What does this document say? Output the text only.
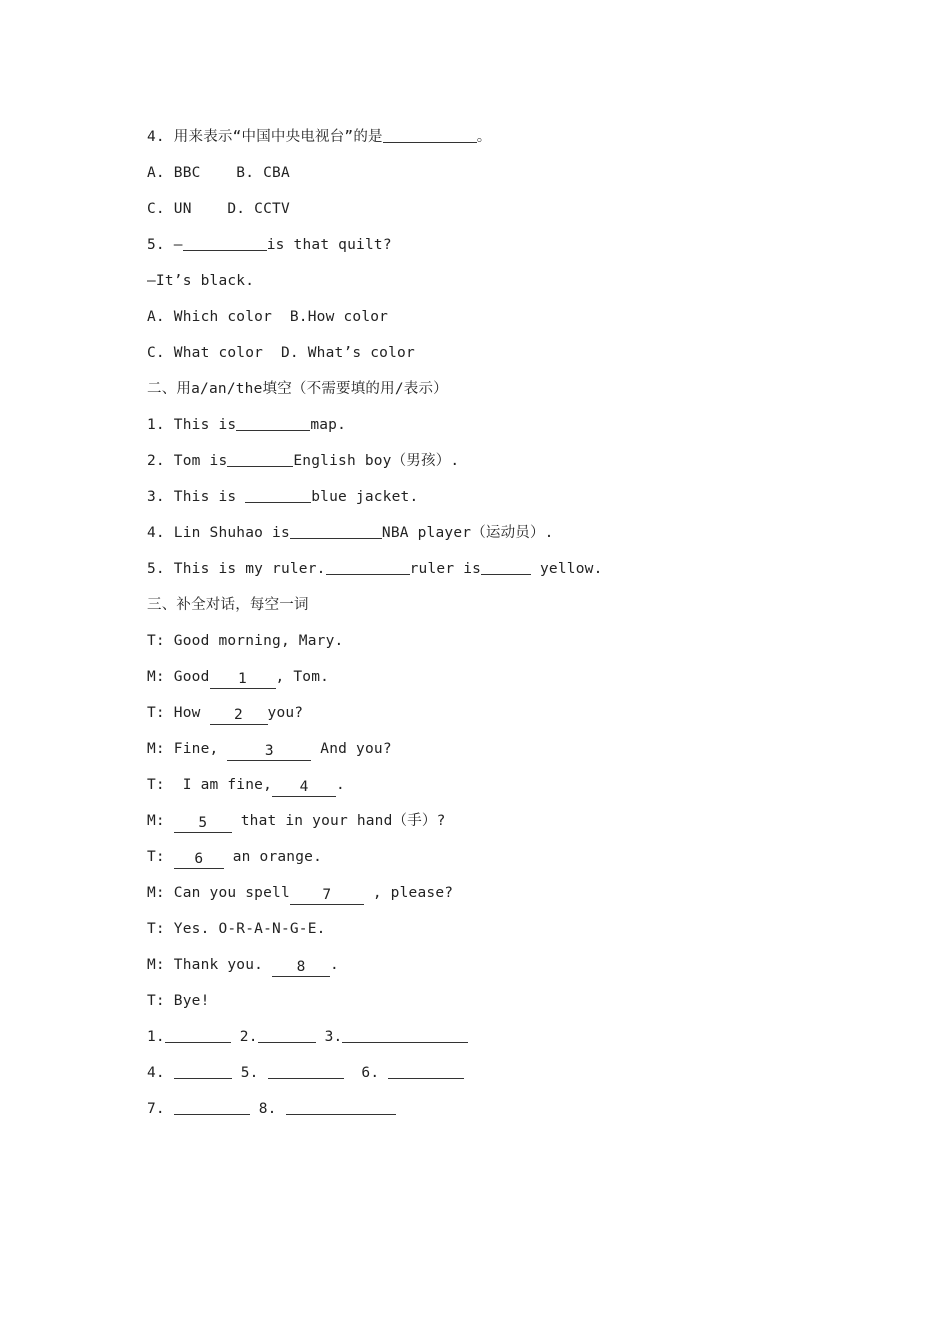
4. 用来表示“中国中央电视台”的是	。
A. BBC    B. CBA
C. UN    D. CCTV
5. —	is that quilt?
—It’s black.
A. Which color  B.How color
C. What color  D. What’s color
二、用a/an/the填空（不需要填的用/表示）
1. This is	map.
2. Tom is	English boy（男孩）.
3. This is	blue jacket.
4. Lin Shuhao is	NBA player（运动员）.
5. This is my ruler.	ruler is	yellow.
三、补全对话，每空一词
T: Good morning, Mary.
M: Good 1 , Tom.
T: How 2 you?
M: Fine,	3	And you?
T:  I am fine, 4 .
M: 5 that in your hand（手）?
T: 6 an orange.
M: Can you spell 7 , please?
T: Yes. O-R-A-N-G-E.
M: Thank you. 8 .
T: Bye!
1.	2.	3.
4.	5.	6.
7.	8.
